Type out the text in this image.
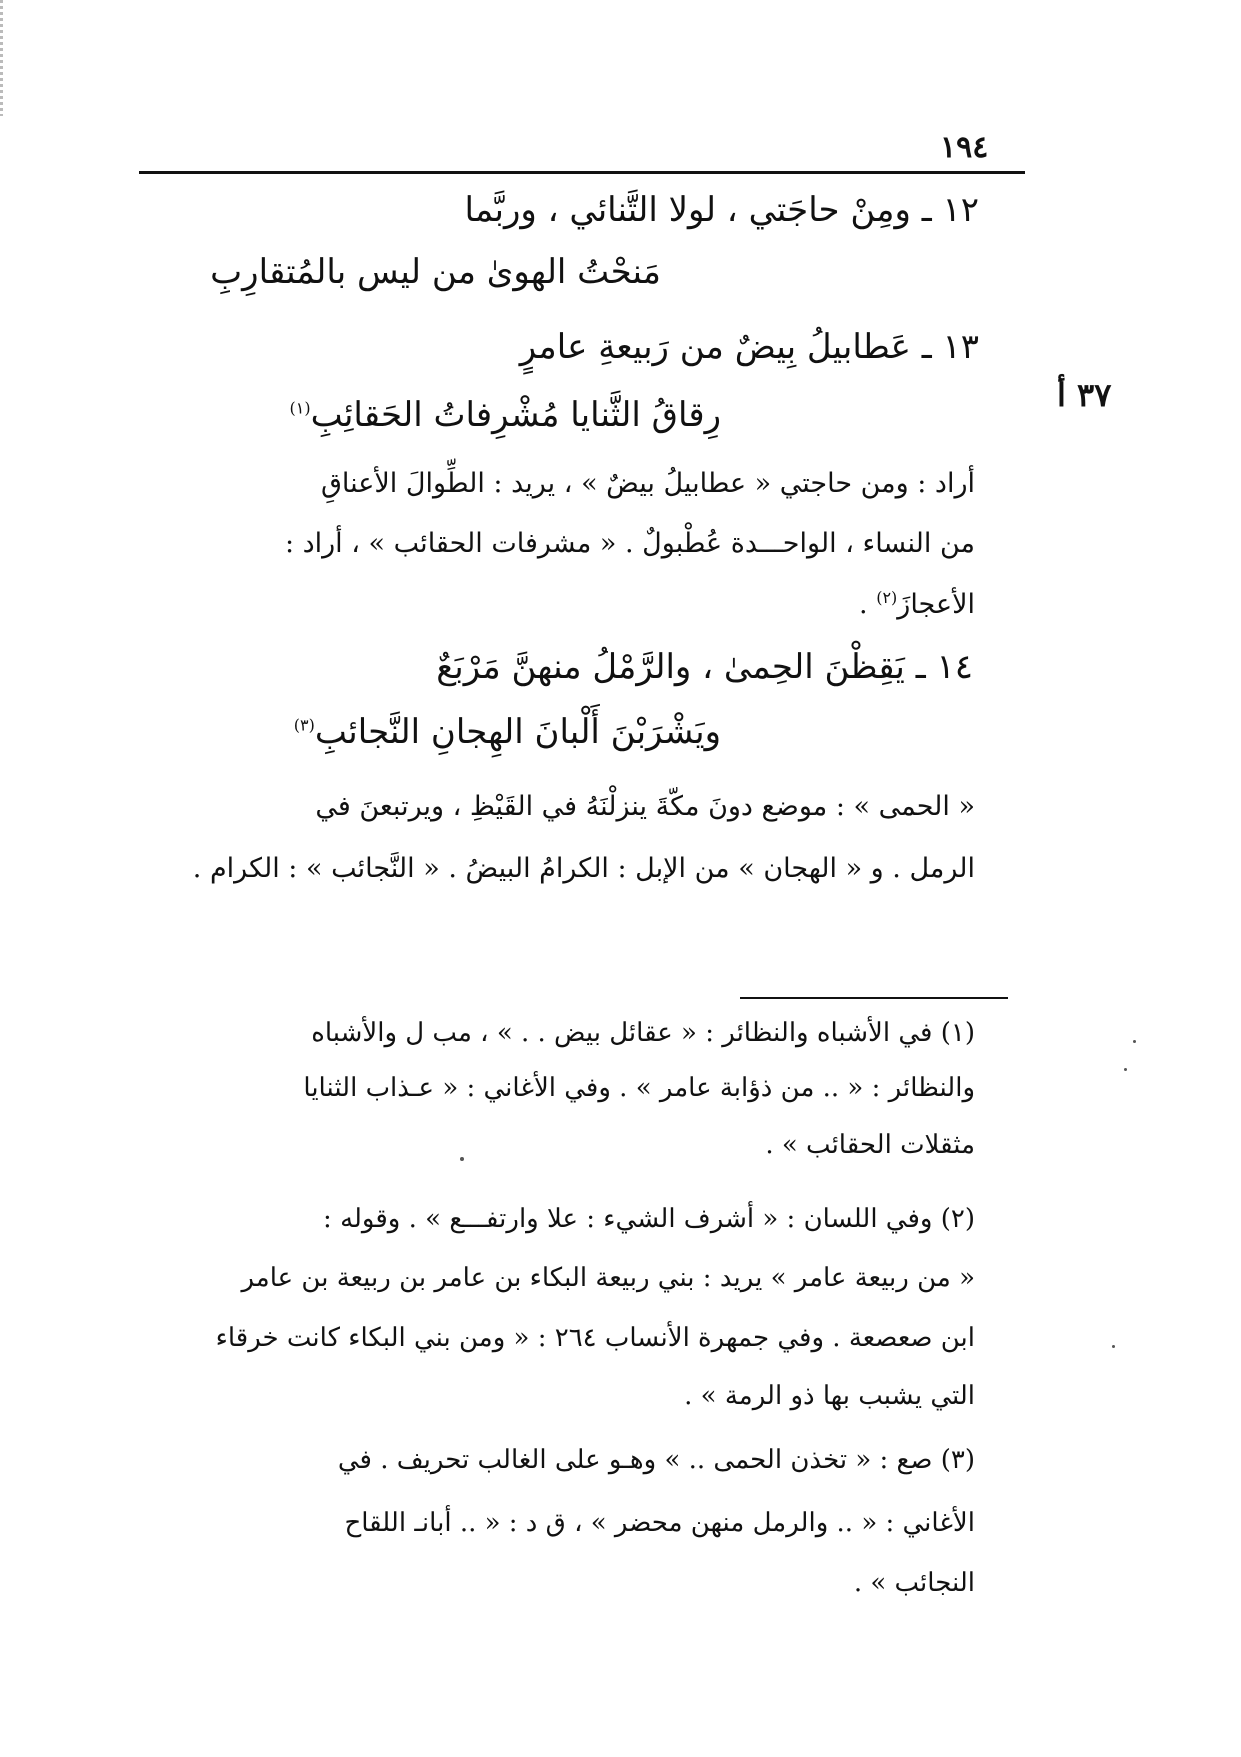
١٩٤
١٢ ـ ومِنْ حاجَتي ، لولا التَّنائي ، وربَّما
مَنحْتُ الهوىٰ من ليس بالمُتقارِبِ
٣٧ أ
١٣ ـ عَطابيلُ بِيضٌ من رَبيعةِ عامرٍ
رِقاقُ الثَّنايا مُشْرِفاتُ الحَقائِبِ$^{(١)}$
أراد : ومن حاجتي « عطابيلُ بيضٌ » ، يريد : الطِّوالَ الأعناقِ
من النساء ، الواحـــدة عُطْبولٌ . « مشرفات الحقائب » ، أراد :
الأعجازَ$^{(٢)}$ .
١٤ ـ يَقِظْنَ الحِمىٰ ، والرَّمْلُ منهنَّ مَرْبَعٌ
ويَشْرَبْنَ أَلْبانَ الهِجانِ النَّجائبِ$^{(٣)}$
« الحمى » : موضع دونَ مكّةَ ينزلْنَهُ في القَيْظِ ، ويرتبعنَ في
الرمل . و « الهجان » من الإبل : الكرامُ البيضُ . « النَّجائب » : الكرام .
(١) في الأشباه والنظائر : « عقائل بيض . . » ، مب ل والأشباه
والنظائر : « .. من ذؤابة عامر » . وفي الأغاني : « عـذاب الثنايا
مثقلات الحقائب » .
(٢) وفي اللسان : « أشرف الشيء : علا وارتفـــع » . وقوله :
« من ربيعة عامر » يريد : بني ربيعة البكاء بن عامر بن ربيعة بن عامر
ابن صعصعة . وفي جمهرة الأنساب ٢٦٤ : « ومن بني البكاء كانت خرقاء
التي يشبب بها ذو الرمة » .
(٣) صع : « تخذن الحمى .. » وهـو على الغالب تحريف . في
الأغاني : « .. والرمل منهن محضر » ، ق د : « .. أبانـ اللقاح
النجائب » .
